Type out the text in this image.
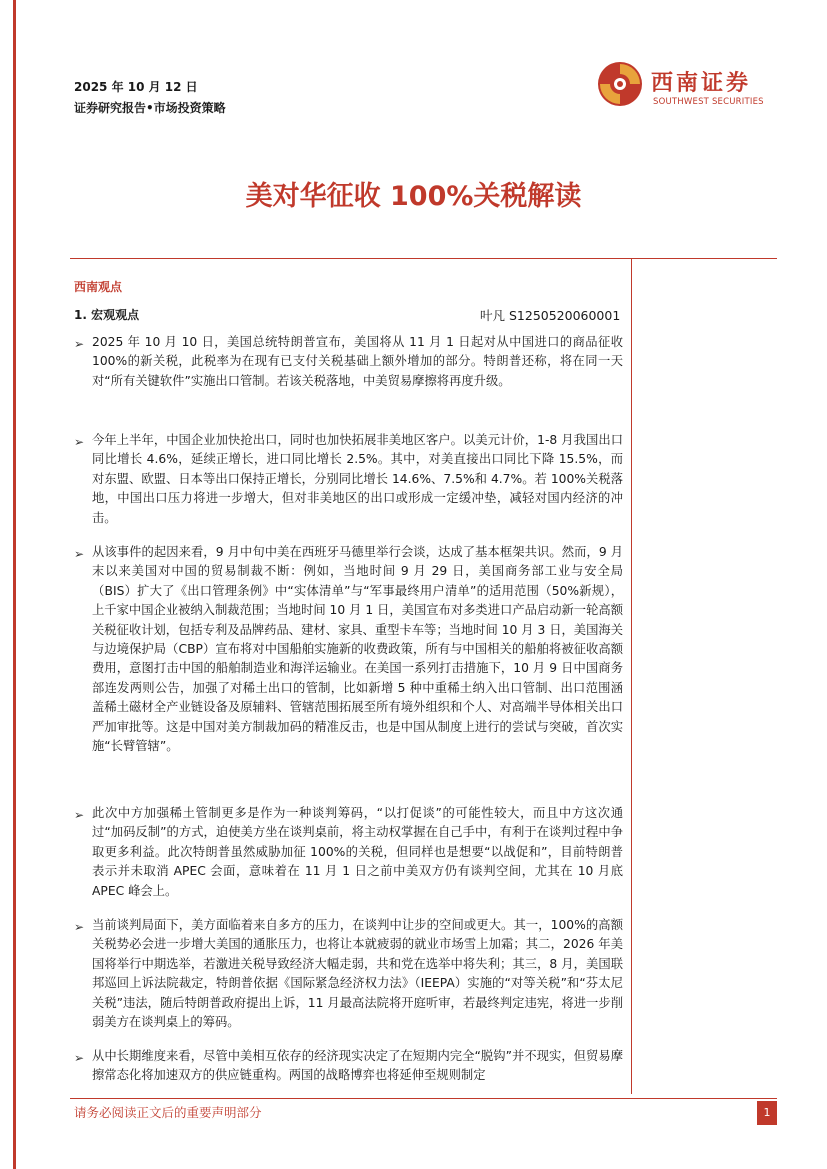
2025 年 10 月 12 日
证券研究报告•市场投资策略
西南证券
SOUTHWEST SECURITIES
美对华征收 100%关税解读
西南观点
1. 宏观观点	叶凡 S1250520060001
➢ 2025 年 10 月 10 日，美国总统特朗普宣布，美国将从 11 月 1 日起对从中国进口的商品征收 100%的新关税，此税率为在现有已支付关税基础上额外增加的部分。特朗普还称，将在同一天对“所有关键软件”实施出口管制。若该关税落地，中美贸易摩擦将再度升级。

➢ 今年上半年，中国企业加快抢出口，同时也加快拓展非美地区客户。以美元计价，1-8 月我国出口同比增长 4.6%，延续正增长，进口同比增长 2.5%。其中，对美直接出口同比下降 15.5%，而对东盟、欧盟、日本等出口保持正增长，分别同比增长 14.6%、7.5%和 4.7%。若 100%关税落地，中国出口压力将进一步增大，但对非美地区的出口或形成一定缓冲垫，减轻对国内经济的冲击。

➢ 从该事件的起因来看，9 月中旬中美在西班牙马德里举行会谈，达成了基本框架共识。然而，9 月末以来美国对中国的贸易制裁不断：例如，当地时间 9 月 29 日，美国商务部工业与安全局（BIS）扩大了《出口管理条例》中“实体清单”与“军事最终用户清单”的适用范围（50%新规），上千家中国企业被纳入制裁范围；当地时间 10 月 1 日，美国宣布对多类进口产品启动新一轮高额关税征收计划，包括专利及品牌药品、建材、家具、重型卡车等；当地时间 10 月 3 日，美国海关与边境保护局（CBP）宣布将对中国船舶实施新的收费政策，所有与中国相关的船舶将被征收高额费用，意图打击中国的船舶制造业和海洋运输业。在美国一系列打击措施下，10 月 9 日中国商务部连发两则公告，加强了对稀土出口的管制，比如新增 5 种中重稀土纳入出口管制、出口范围涵盖稀土磁材全产业链设备及原辅料、管辖范围拓展至所有境外组织和个人、对高端半导体相关出口严加审批等。这是中国对美方制裁加码的精准反击，也是中国从制度上进行的尝试与突破，首次实施“长臂管辖”。

➢ 此次中方加强稀土管制更多是作为一种谈判筹码，“以打促谈”的可能性较大，而且中方这次通过“加码反制”的方式，迫使美方坐在谈判桌前，将主动权掌握在自己手中，有利于在谈判过程中争取更多利益。此次特朗普虽然威胁加征 100%的关税，但同样也是想要“以战促和”，目前特朗普表示并未取消 APEC 会面，意味着在 11 月 1 日之前中美双方仍有谈判空间，尤其在 10 月底 APEC 峰会上。

➢ 当前谈判局面下，美方面临着来自多方的压力，在谈判中让步的空间或更大。其一，100%的高额关税势必会进一步增大美国的通胀压力，也将让本就疲弱的就业市场雪上加霜；其二，2026 年美国将举行中期选举，若激进关税导致经济大幅走弱，共和党在选举中将失利；其三，8 月，美国联邦巡回上诉法院裁定，特朗普依据《国际紧急经济权力法》（IEEPA）实施的“对等关税”和“芬太尼关税”违法，随后特朗普政府提出上诉，11 月最高法院将开庭听审，若最终判定违宪，将进一步削弱美方在谈判桌上的筹码。

➢ 从中长期维度来看，尽管中美相互依存的经济现实决定了在短期内完全“脱钩”并不现实，但贸易摩擦常态化将加速双方的供应链重构。两国的战略博弈也将延伸至规则制定

请务必阅读正文后的重要声明部分	1
